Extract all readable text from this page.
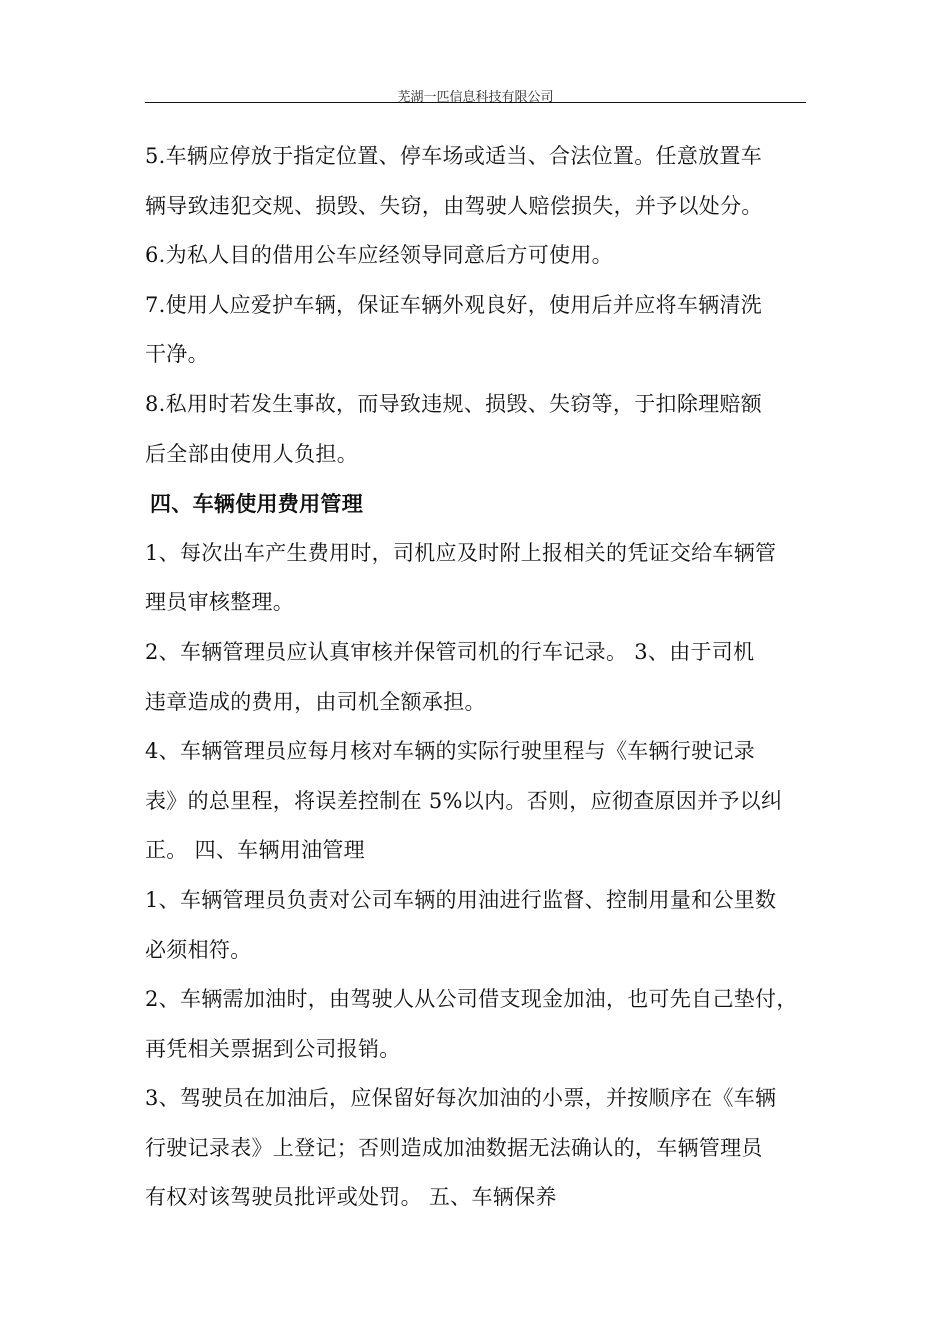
芜湖一匹信息科技有限公司

5.车辆应停放于指定位置、停车场或适当、合法位置。任意放置车

辆导致违犯交规、损毁、失窃，由驾驶人赔偿损失，并予以处分。

6.为私人目的借用公车应经领导同意后方可使用。

7.使用人应爱护车辆，保证车辆外观良好，使用后并应将车辆清洗

干净。

8.私用时若发生事故，而导致违规、损毁、失窃等，于扣除理赔额

后全部由使用人负担。

四、车辆使用费用管理

1、每次出车产生费用时，司机应及时附上报相关的凭证交给车辆管

理员审核整理。

2、车辆管理员应认真审核并保管司机的行车记录。 3、由于司机

违章造成的费用，由司机全额承担。

4、车辆管理员应每月核对车辆的实际行驶里程与《车辆行驶记录

表》的总里程，将误差控制在 5%以内。否则，应彻查原因并予以纠

正。 四、车辆用油管理

1、车辆管理员负责对公司车辆的用油进行监督、控制用量和公里数

必须相符。

2、车辆需加油时，由驾驶人从公司借支现金加油，也可先自己垫付，

再凭相关票据到公司报销。

3、驾驶员在加油后，应保留好每次加油的小票，并按顺序在《车辆

行驶记录表》上登记；否则造成加油数据无法确认的，车辆管理员

有权对该驾驶员批评或处罚。 五、车辆保养
